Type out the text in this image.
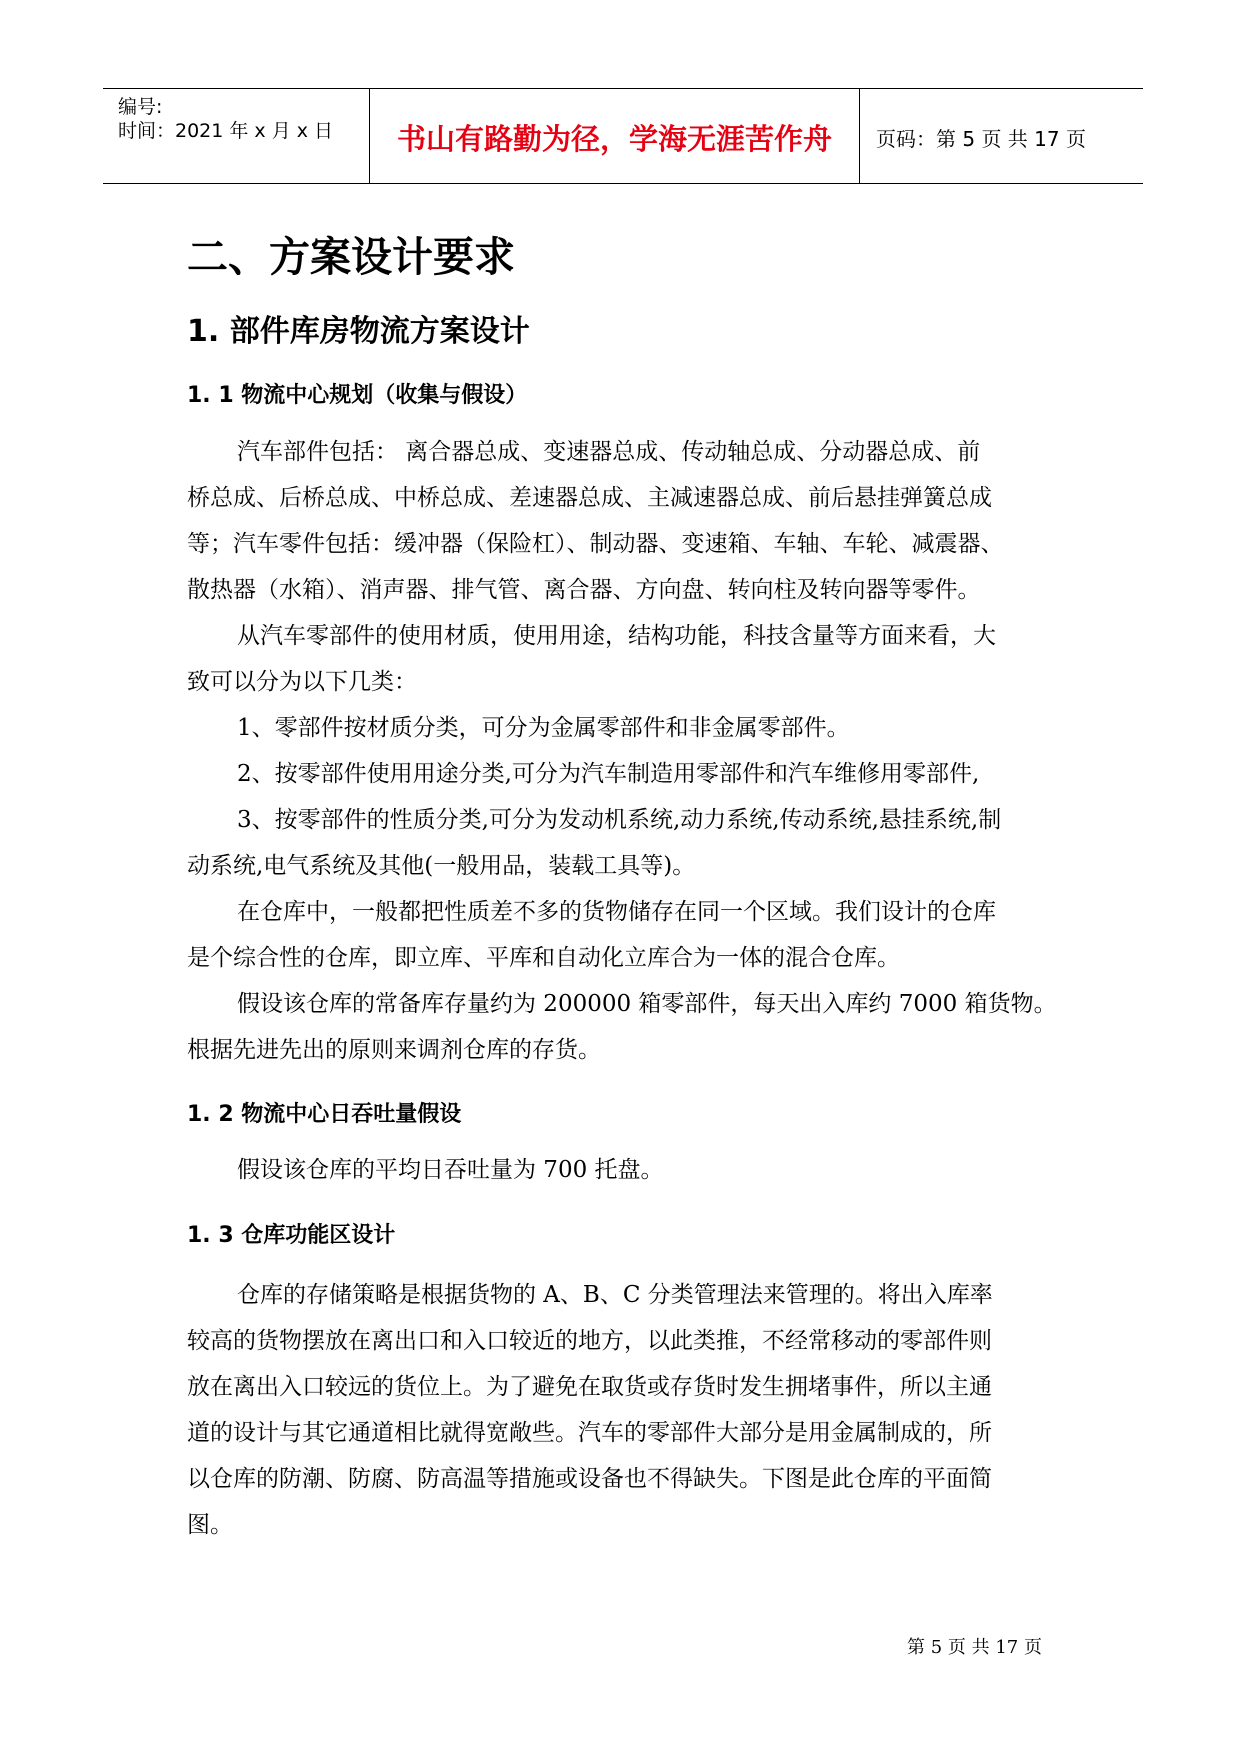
编号:
时间：2021 年 x 月 x 日	书山有路勤为径，学海无涯苦作舟	页码：第 5 页 共 17 页
二、方案设计要求
1. 部件库房物流方案设计
1. 1 物流中心规划（收集与假设）
汽车部件包括： 离合器总成、变速器总成、传动轴总成、分动器总成、前
桥总成、后桥总成、中桥总成、差速器总成、主减速器总成、前后悬挂弹簧总成
等；汽车零件包括：缓冲器（保险杠）、制动器、变速箱、车轴、车轮、减震器、
散热器（水箱）、消声器、排气管、离合器、方向盘、转向柱及转向器等零件。
从汽车零部件的使用材质，使用用途，结构功能，科技含量等方面来看，大
致可以分为以下几类：
1、零部件按材质分类，可分为金属零部件和非金属零部件。
2、按零部件使用用途分类,可分为汽车制造用零部件和汽车维修用零部件,
3、按零部件的性质分类,可分为发动机系统,动力系统,传动系统,悬挂系统,制
动系统,电气系统及其他(一般用品，装载工具等)。
在仓库中，一般都把性质差不多的货物储存在同一个区域。我们设计的仓库
是个综合性的仓库，即立库、平库和自动化立库合为一体的混合仓库。
假设该仓库的常备库存量约为 200000 箱零部件，每天出入库约 7000 箱货物。
根据先进先出的原则来调剂仓库的存货。
1. 2 物流中心日吞吐量假设
假设该仓库的平均日吞吐量为 700 托盘。
1. 3 仓库功能区设计
仓库的存储策略是根据货物的 A、B、C 分类管理法来管理的。将出入库率
较高的货物摆放在离出口和入口较近的地方，以此类推，不经常移动的零部件则
放在离出入口较远的货位上。为了避免在取货或存货时发生拥堵事件，所以主通
道的设计与其它通道相比就得宽敞些。汽车的零部件大部分是用金属制成的，所
以仓库的防潮、防腐、防高温等措施或设备也不得缺失。下图是此仓库的平面简
图。
第 5 页 共 17 页
